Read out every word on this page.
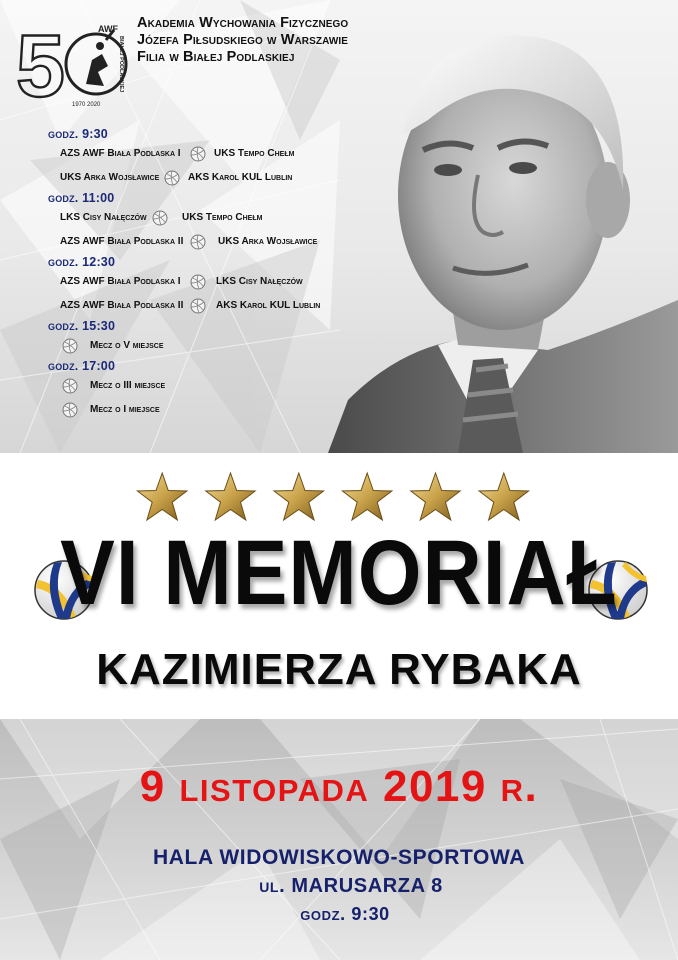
5	AWF
1970 2020
BIAŁEJ PODLASKIEJ
Akademia Wychowania Fizycznego
Józefa Piłsudskiego w Warszawie
Filia w Białej Podlaskiej
godz. 9:30
AZS AWF Biała Podlaska I	UKS Tempo Chełm
UKS Arka Wojsławice	AKS Karol KUL Lublin
godz. 11:00
LKS Cisy Nałęczów	UKS Tempo Chełm
AZS AWF Biała Podlaska II	UKS Arka Wojsławice
godz. 12:30
AZS AWF Biała Podlaska I	LKS Cisy Nałęczów
AZS AWF Biała Podlaska II	AKS Karol KUL Lublin
godz. 15:30
Mecz o V miejsce
godz. 17:00
Mecz o III miejsce
Mecz o I miejsce
VI MEMORIAŁ
KAZIMIERZA RYBAKA
9 listopada 2019 r.
HALA WIDOWISKOWO-SPORTOWA
ul. MARUSARZA 8
godz. 9:30
